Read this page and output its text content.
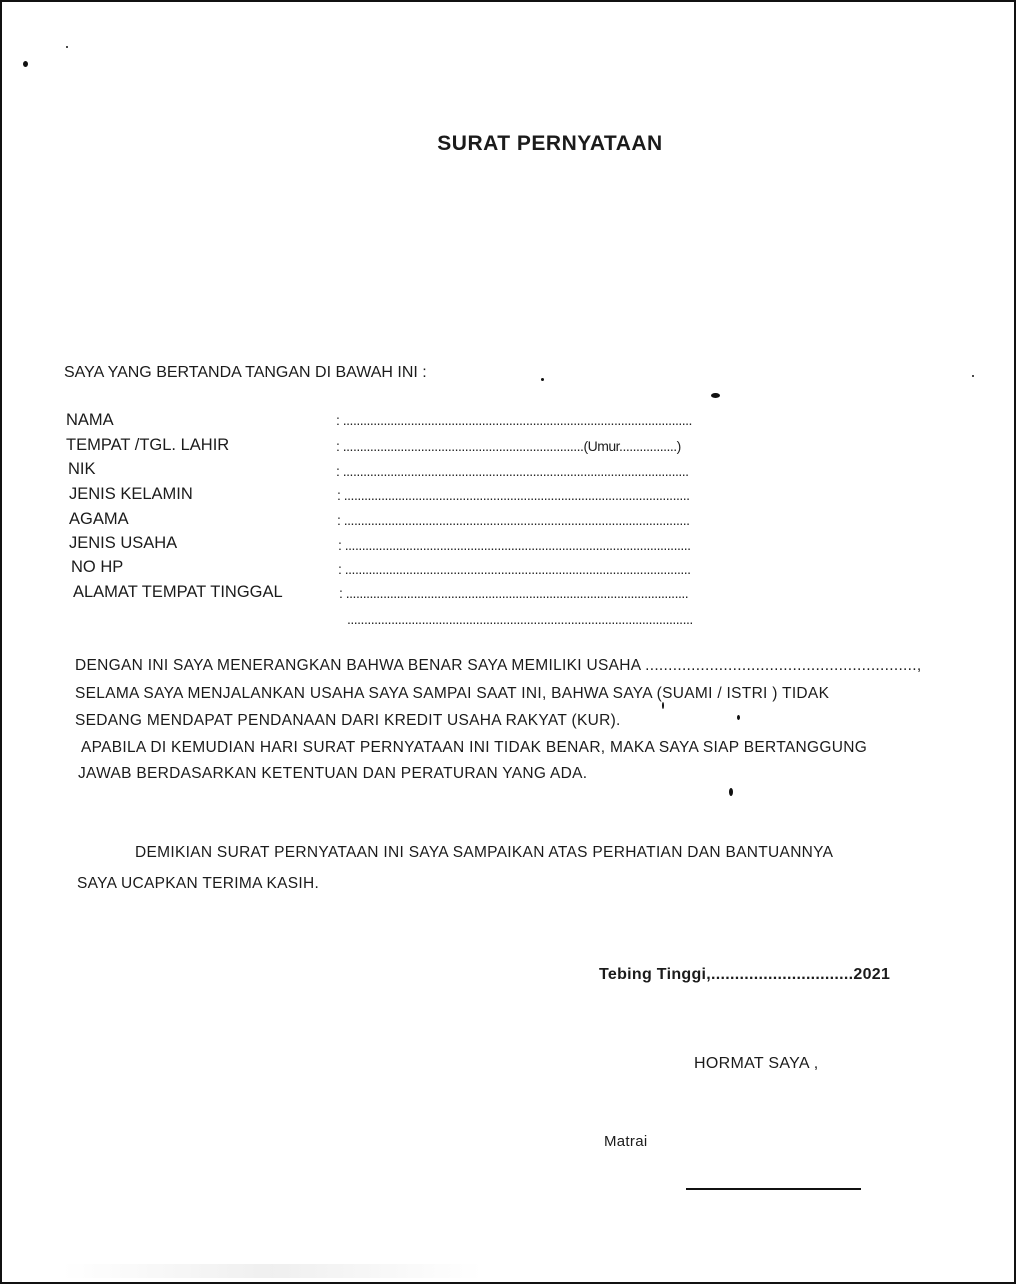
SURAT PERNYATAAN
SAYA YANG BERTANDA TANGAN DI BAWAH INI :
NAMA	: .......................................................................................................
TEMPAT /TGL. LAHIR	: .......................................................................(Umur.................)
NIK	: ......................................................................................................
JENIS KELAMIN	: ......................................................................................................
AGAMA	: ......................................................................................................
JENIS USAHA	: ......................................................................................................
NO HP	: ......................................................................................................
ALAMAT TEMPAT TINGGAL	: .....................................................................................................
......................................................................................................
DENGAN INI SAYA MENERANGKAN BAHWA BENAR SAYA MEMILIKI USAHA ...........................................................,
SELAMA SAYA MENJALANKAN USAHA SAYA SAMPAI SAAT INI, BAHWA SAYA (SUAMI / ISTRI ) TIDAK
SEDANG MENDAPAT PENDANAAN DARI KREDIT USAHA RAKYAT (KUR).
APABILA DI KEMUDIAN HARI SURAT PERNYATAAN INI TIDAK BENAR, MAKA SAYA SIAP BERTANGGUNG
JAWAB BERDASARKAN KETENTUAN DAN PERATURAN YANG ADA.
DEMIKIAN SURAT PERNYATAAN INI SAYA SAMPAIKAN ATAS PERHATIAN DAN BANTUANNYA
SAYA UCAPKAN TERIMA KASIH.
Tebing Tinggi,..............................2021
HORMAT SAYA ,
Matrai
